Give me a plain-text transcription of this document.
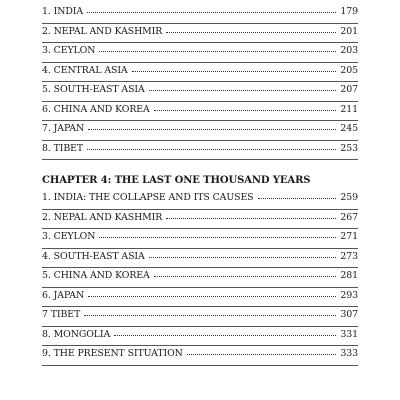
1. INDIA	179
2. NEPAL AND KASHMIR	201
3. CEYLON	203
4. CENTRAL ASIA	205
5. SOUTH-EAST ASIA	207
6. CHINA AND KOREA	211
7. JAPAN	245
8. TIBET	253
CHAPTER 4: THE LAST ONE THOUSAND YEARS
1. INDIA: THE COLLAPSE AND ITS CAUSES	259
2. NEPAL AND KASHMIR	267
3. CEYLON	271
4. SOUTH-EAST ASIA	273
5. CHINA AND KOREA	281
6. JAPAN	293
7 TIBET	307
8. MONGOLIA	331
9. THE PRESENT SITUATION	333
